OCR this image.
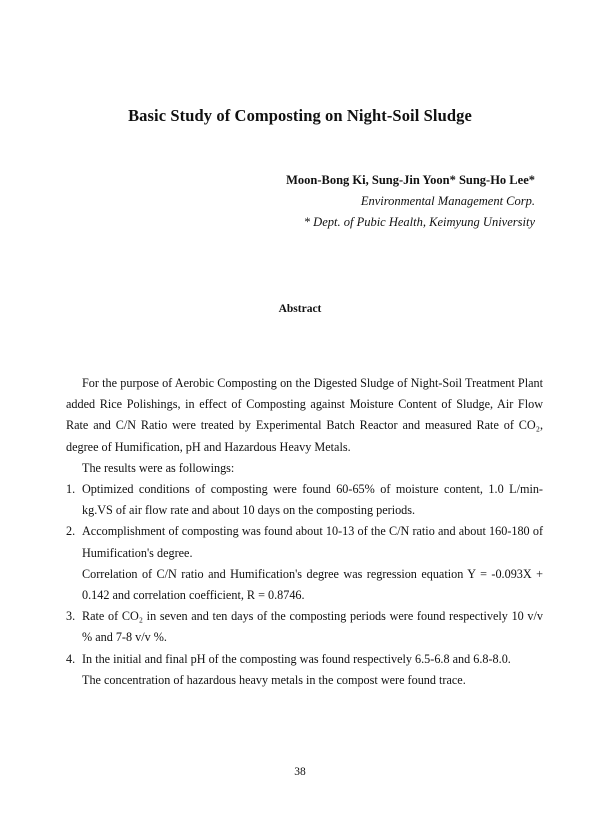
Basic Study of Composting on Night-Soil Sludge
Moon-Bong Ki, Sung-Jin Yoon* Sung-Ho Lee*
Environmental Management Corp.
* Dept. of Pubic Health, Keimyung University
Abstract

For the purpose of Aerobic Composting on the Digested Sludge of Night-Soil Treatment Plant added Rice Polishings, in effect of Composting against Moisture Content of Sludge, Air Flow Rate and C/N Ratio were treated by Experimental Batch Reactor and measured Rate of CO₂, degree of Humification, pH and Hazardous Heavy Metals.

The results were as followings:

1. Optimized conditions of composting were found 60-65% of moisture content, 1.0 L/min-kg.VS of air flow rate and about 10 days on the composting periods.
2. Accomplishment of composting was found about 10-13 of the C/N ratio and about 160-180 of Humification's degree.
Correlation of C/N ratio and Humification's degree was regression equation Y = -0.093X + 0.142 and correlation coefficient, R = 0.8746.
3. Rate of CO₂ in seven and ten days of the composting periods were found respectively 10 v/v % and 7-8 v/v %.
4. In the initial and final pH of the composting was found respectively 6.5-6.8 and 6.8-8.0.
The concentration of hazardous heavy metals in the compost were found trace.
38
